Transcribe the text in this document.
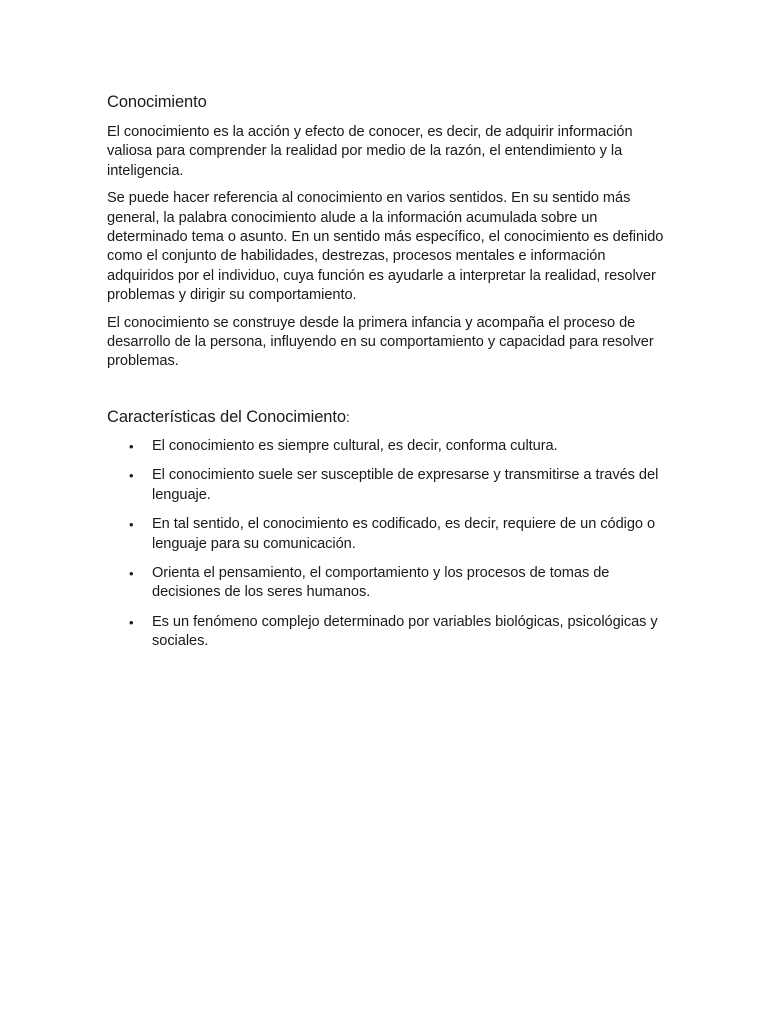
Conocimiento

El conocimiento es la acción y efecto de conocer, es decir, de adquirir información valiosa para comprender la realidad por medio de la razón, el entendimiento y la inteligencia.

Se puede hacer referencia al conocimiento en varios sentidos. En su sentido más general, la palabra conocimiento alude a la información acumulada sobre un determinado tema o asunto. En un sentido más específico, el conocimiento es definido como el conjunto de habilidades, destrezas, procesos mentales e información adquiridos por el individuo, cuya función es ayudarle a interpretar la realidad, resolver problemas y dirigir su comportamiento.

El conocimiento se construye desde la primera infancia y acompaña el proceso de desarrollo de la persona, influyendo en su comportamiento y capacidad para resolver problemas.

Características del Conocimiento:
• El conocimiento es siempre cultural, es decir, conforma cultura.
• El conocimiento suele ser susceptible de expresarse y transmitirse a través del lenguaje.
• En tal sentido, el conocimiento es codificado, es decir, requiere de un código o lenguaje para su comunicación.
• Orienta el pensamiento, el comportamiento y los procesos de tomas de decisiones de los seres humanos.
• Es un fenómeno complejo determinado por variables biológicas, psicológicas y sociales.
